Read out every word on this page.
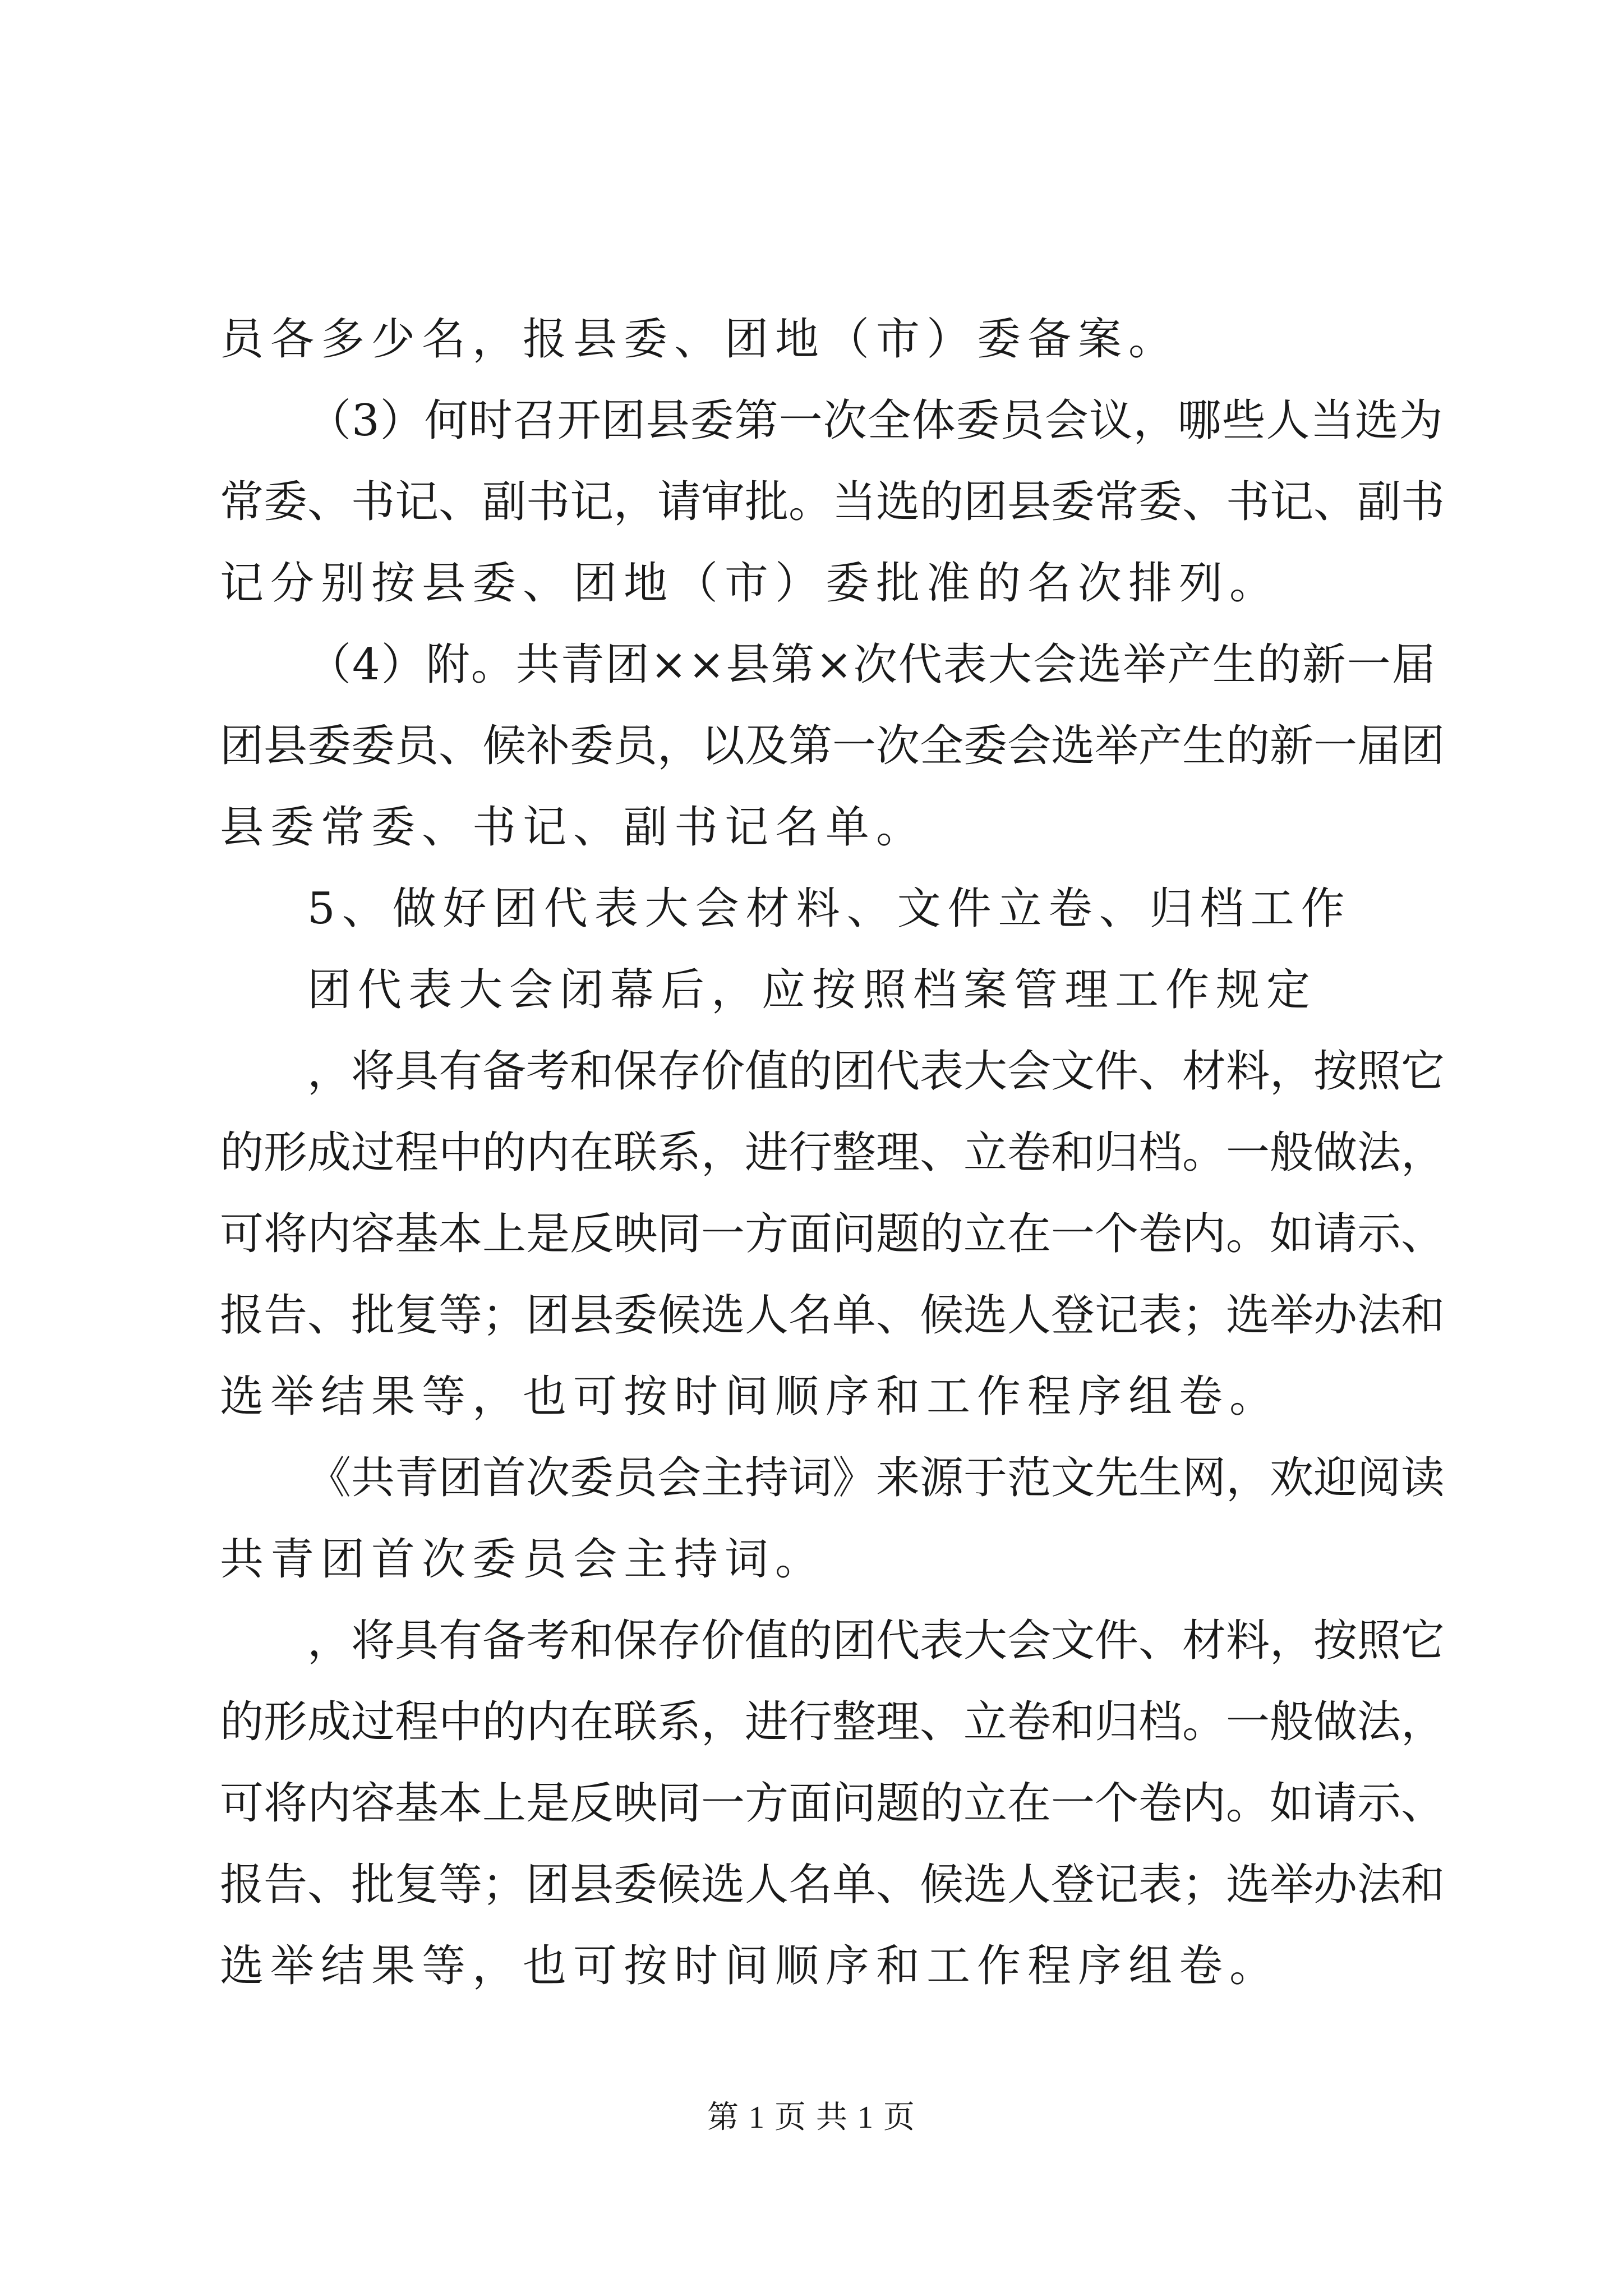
员各多少名，报县委、团地（市）委备案。
（3）何时召开团县委第一次全体委员会议，哪些人当选为
常委、书记、副书记，请审批。当选的团县委常委、书记、副书
记分别按县委、团地（市）委批准的名次排列。
（4）附。共青团××县第×次代表大会选举产生的新一届
团县委委员、候补委员，以及第一次全委会选举产生的新一届团
县委常委、书记、副书记名单。
5、做好团代表大会材料、文件立卷、归档工作
团代表大会闭幕后，应按照档案管理工作规定
，将具有备考和保存价值的团代表大会文件、材料，按照它
的形成过程中的内在联系，进行整理、立卷和归档。一般做法，
可将内容基本上是反映同一方面问题的立在一个卷内。如请示、
报告、批复等；团县委候选人名单、候选人登记表；选举办法和
选举结果等，也可按时间顺序和工作程序组卷。
《共青团首次委员会主持词》来源于范文先生网，欢迎阅读
共青团首次委员会主持词。
，将具有备考和保存价值的团代表大会文件、材料，按照它
的形成过程中的内在联系，进行整理、立卷和归档。一般做法，
可将内容基本上是反映同一方面问题的立在一个卷内。如请示、
报告、批复等；团县委候选人名单、候选人登记表；选举办法和
选举结果等，也可按时间顺序和工作程序组卷。
第 1 页 共 1 页
